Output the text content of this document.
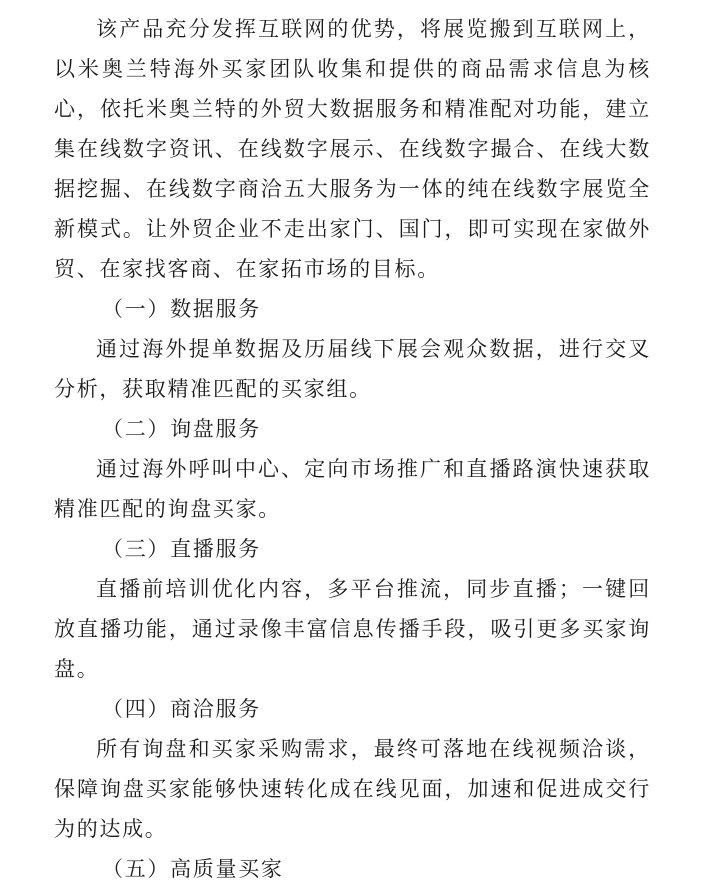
该产品充分发挥互联网的优势，将展览搬到互联网上，以米奥兰特海外买家团队收集和提供的商品需求信息为核心，依托米奥兰特的外贸大数据服务和精准配对功能，建立集在线数字资讯、在线数字展示、在线数字撮合、在线大数据挖掘、在线数字商洽五大服务为一体的纯在线数字展览全新模式。让外贸企业不走出家门、国门，即可实现在家做外贸、在家找客商、在家拓市场的目标。

（一）数据服务

通过海外提单数据及历届线下展会观众数据，进行交叉分析，获取精准匹配的买家组。

（二）询盘服务

通过海外呼叫中心、定向市场推广和直播路演快速获取精准匹配的询盘买家。

（三）直播服务

直播前培训优化内容，多平台推流，同步直播；一键回放直播功能，通过录像丰富信息传播手段，吸引更多买家询盘。

（四）商洽服务

所有询盘和买家采购需求，最终可落地在线视频洽谈，保障询盘买家能够快速转化成在线见面，加速和促进成交行为的达成。

（五）高质量买家
